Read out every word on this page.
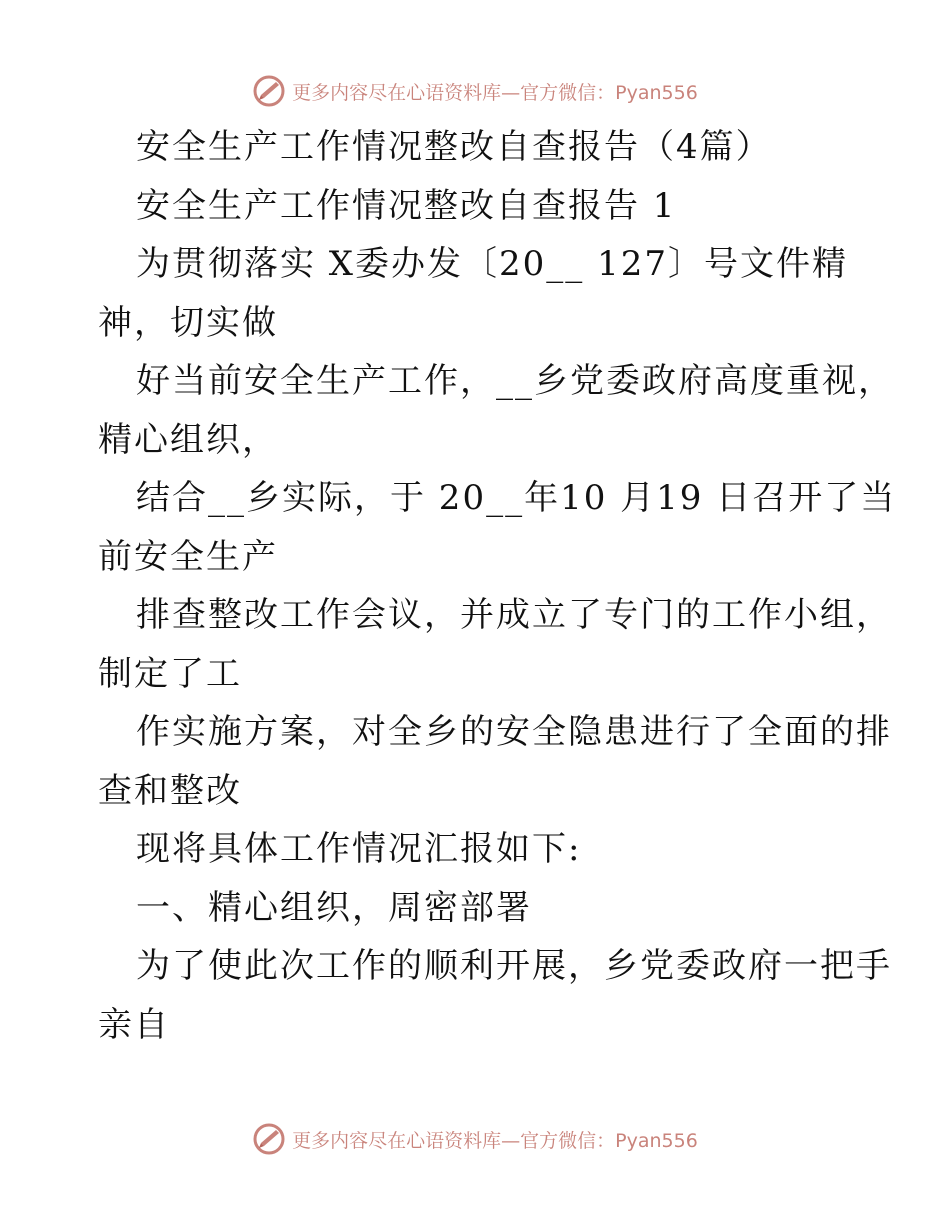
更多内容尽在心语资料库—官方微信：Pyan556
安全生产工作情况整改自查报告（4篇）
安全生产工作情况整改自查报告 1
为贯彻落实 X委办发〔20__ 127〕号文件精
神，切实做
好当前安全生产工作，__乡党委政府高度重视，
精心组织，
结合__乡实际，于 20__年10 月19 日召开了当
前安全生产
排查整改工作会议，并成立了专门的工作小组，
制定了工
作实施方案，对全乡的安全隐患进行了全面的排
查和整改
现将具体工作情况汇报如下:
一、精心组织，周密部署
为了使此次工作的顺利开展，乡党委政府一把手
亲自
更多内容尽在心语资料库—官方微信：Pyan556
